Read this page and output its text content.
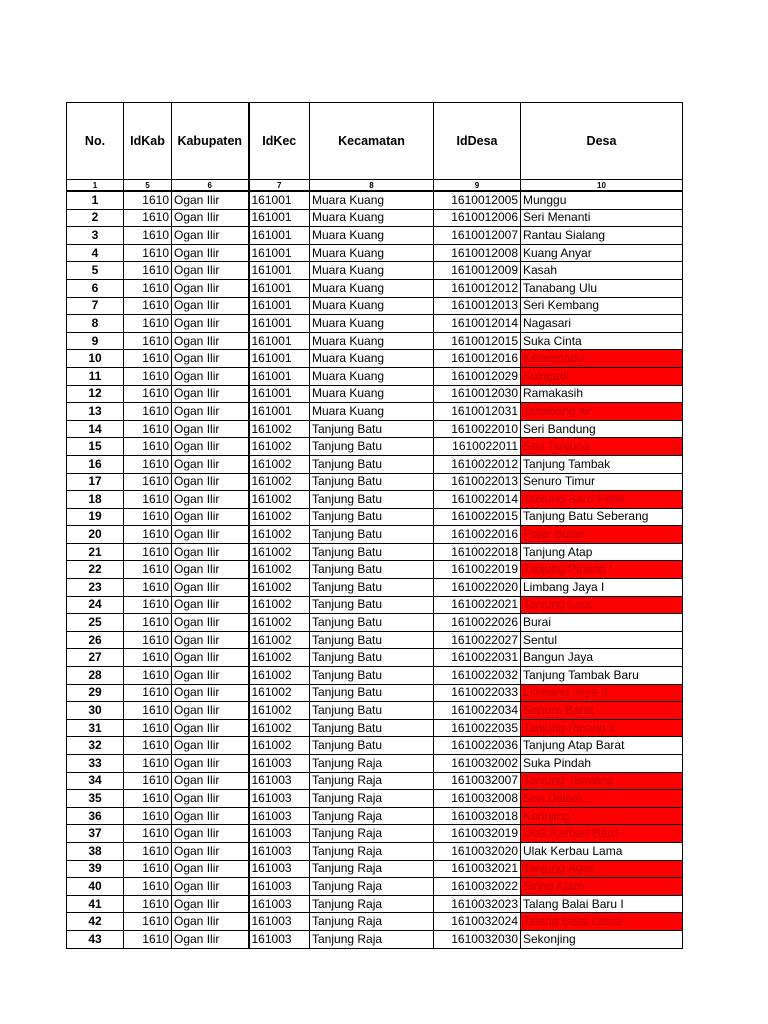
No.	IdKab	Kabupaten	IdKec	Kecamatan	IdDesa	Desa
1	5	6	7	8	9	10
1	1610	Ogan Ilir	161001	Muara Kuang	1610012005	Munggu
2	1610	Ogan Ilir	161001	Muara Kuang	1610012006	Seri Menanti
3	1610	Ogan Ilir	161001	Muara Kuang	1610012007	Rantau Sialang
4	1610	Ogan Ilir	161001	Muara Kuang	1610012008	Kuang Anyar
5	1610	Ogan Ilir	161001	Muara Kuang	1610012009	Kasah
6	1610	Ogan Ilir	161001	Muara Kuang	1610012012	Tanabang Ulu
7	1610	Ogan Ilir	161001	Muara Kuang	1610012013	Seri Kembang
8	1610	Ogan Ilir	161001	Muara Kuang	1610012014	Nagasari
9	1610	Ogan Ilir	161001	Muara Kuang	1610012015	Suka Cinta
10	1610	Ogan Ilir	161001	Muara Kuang	1610012016	Kelampadu
11	1610	Ogan Ilir	161001	Muara Kuang	1610012029	Sukajadi
12	1610	Ogan Ilir	161001	Muara Kuang	1610012030	Ramakasih
13	1610	Ogan Ilir	161001	Muara Kuang	1610012031	Tanabang Ilir
14	1610	Ogan Ilir	161002	Tanjung Batu	1610022010	Seri Bandung
15	1610	Ogan Ilir	161002	Tanjung Batu	1610022011	Seri Tanjung
16	1610	Ogan Ilir	161002	Tanjung Batu	1610022012	Tanjung Tambak
17	1610	Ogan Ilir	161002	Tanjung Batu	1610022013	Senuro Timur
18	1610	Ogan Ilir	161002	Tanjung Batu	1610022014	Tanjung Baru Petai
19	1610	Ogan Ilir	161002	Tanjung Batu	1610022015	Tanjung Batu Seberang
20	1610	Ogan Ilir	161002	Tanjung Batu	1610022016	Pajar Bulan
21	1610	Ogan Ilir	161002	Tanjung Batu	1610022018	Tanjung Atap
22	1610	Ogan Ilir	161002	Tanjung Batu	1610022019	Tanjung Pinang I
23	1610	Ogan Ilir	161002	Tanjung Batu	1610022020	Limbang Jaya I
24	1610	Ogan Ilir	161002	Tanjung Batu	1610022021	Tanjung Laut
25	1610	Ogan Ilir	161002	Tanjung Batu	1610022026	Burai
26	1610	Ogan Ilir	161002	Tanjung Batu	1610022027	Sentul
27	1610	Ogan Ilir	161002	Tanjung Batu	1610022031	Bangun Jaya
28	1610	Ogan Ilir	161002	Tanjung Batu	1610022032	Tanjung Tambak Baru
29	1610	Ogan Ilir	161002	Tanjung Batu	1610022033	Limbang Jaya II
30	1610	Ogan Ilir	161002	Tanjung Batu	1610022034	Senuro Barat
31	1610	Ogan Ilir	161002	Tanjung Batu	1610022035	Tanjung Pinang II
32	1610	Ogan Ilir	161002	Tanjung Batu	1610022036	Tanjung Atap Barat
33	1610	Ogan Ilir	161003	Tanjung Raja	1610032002	Suka Pindah
34	1610	Ogan Ilir	161003	Tanjung Raja	1610032007	Tanjung Temiang
35	1610	Ogan Ilir	161003	Tanjung Raja	1610032008	Seri Dalam
36	1610	Ogan Ilir	161003	Tanjung Raja	1610032018	Kerinjing
37	1610	Ogan Ilir	161003	Tanjung Raja	1610032019	Ulak Kerbau Baru
38	1610	Ogan Ilir	161003	Tanjung Raja	1610032020	Ulak Kerbau Lama
39	1610	Ogan Ilir	161003	Tanjung Raja	1610032021	Tanjung Agas
40	1610	Ogan Ilir	161003	Tanjung Raja	1610032022	Siring Alam
41	1610	Ogan Ilir	161003	Tanjung Raja	1610032023	Talang Balai Baru I
42	1610	Ogan Ilir	161003	Tanjung Raja	1610032024	Talang Balai Lama
43	1610	Ogan Ilir	161003	Tanjung Raja	1610032030	Sekonjing
